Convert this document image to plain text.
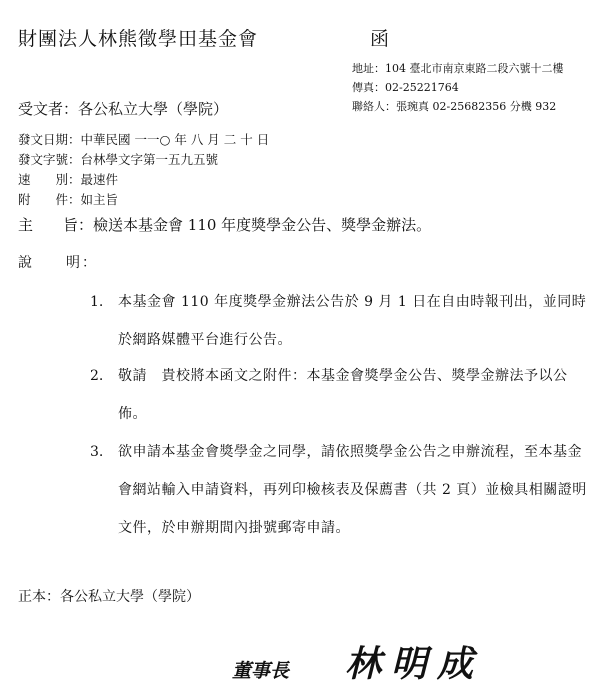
財團法人林熊徵學田基金會	函
地址：104 臺北市南京東路二段六號十二樓
傳真：02-25221764
聯絡人：張琬真 02-25682356 分機 932
受文者：各公私立大學（學院）
發文日期：中華民國 一一○ 年 八 月 二 十 日
發文字號：台林學文字第一五九五號
速　　別：最速件
附　　件：如主旨
主　　旨：檢送本基金會 110 年度獎學金公告、獎學金辦法。
說　　明：
1. 本基金會 110 年度獎學金辦法公告於 9 月 1 日在自由時報刊出，並同時於網路媒體平台進行公告。
2. 敬請　貴校將本函文之附件：本基金會獎學金公告、獎學金辦法予以公佈。
3. 欲申請本基金會獎學金之同學，請依照獎學金公告之申辦流程，至本基金會網站輸入申請資料，再列印檢核表及保薦書（共 2 頁）並檢具相關證明文件，於申辦期間內掛號郵寄申請。
正本：各公私立大學（學院）
董事長 林明成
